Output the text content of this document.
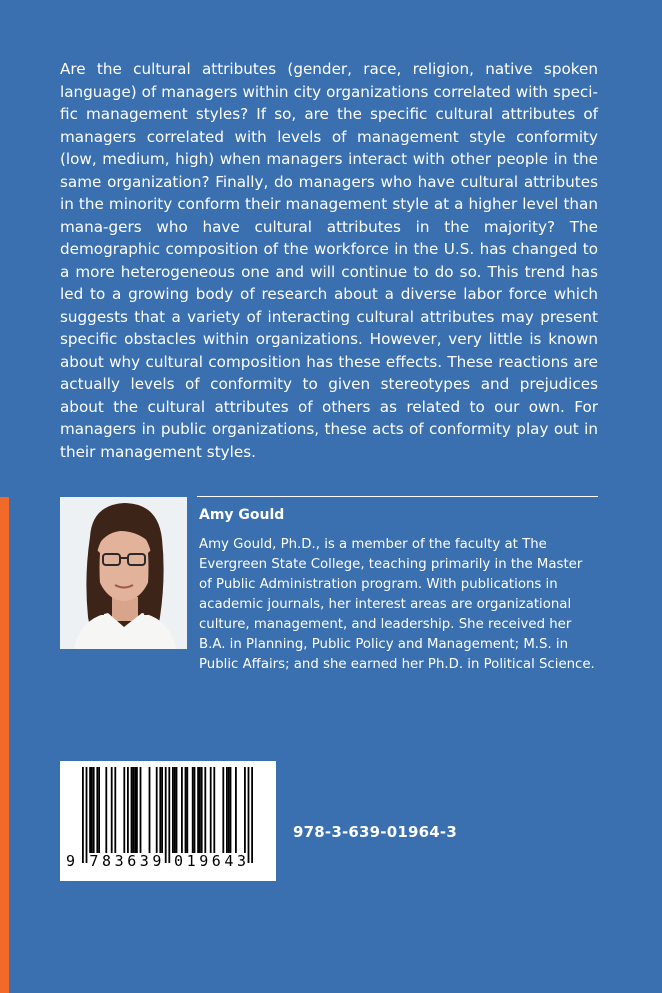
Are the cultural attributes (gender, race, religion, native spoken language) of managers within city organizations correlated with speci-fic management styles? If so, are the specific cultural attributes of managers correlated with levels of management style conformity (low, medium, high) when managers interact with other people in the same organization? Finally, do managers who have cultural attributes in the minority conform their management style at a higher level than mana-gers who have cultural attributes in the majority? The demographic composition of the workforce in the U.S. has changed to a more heterogeneous one and will continue to do so. This trend has led to a growing body of research about a diverse labor force which suggests that a variety of interacting cultural attributes may present specific obstacles within organizations. However, very little is known about why cultural composition has these effects. These reactions are actually levels of conformity to given stereotypes and prejudices about the cultural attributes of others as related to our own. For managers in public organizations, these acts of conformity play out in their management styles.

Amy Gould

Amy Gould, Ph.D., is a member of the faculty at The Evergreen State College, teaching primarily in the Master of Public Administration program. With publications in academic journals, her interest areas are organizational culture, management, and leadership. She received her B.A. in Planning, Public Policy and Management; M.S. in Public Affairs; and she earned her Ph.D. in Political Science.

9 7 8 3 6 3 9 0 1 9 6 4 3

978-3-639-01964-3
